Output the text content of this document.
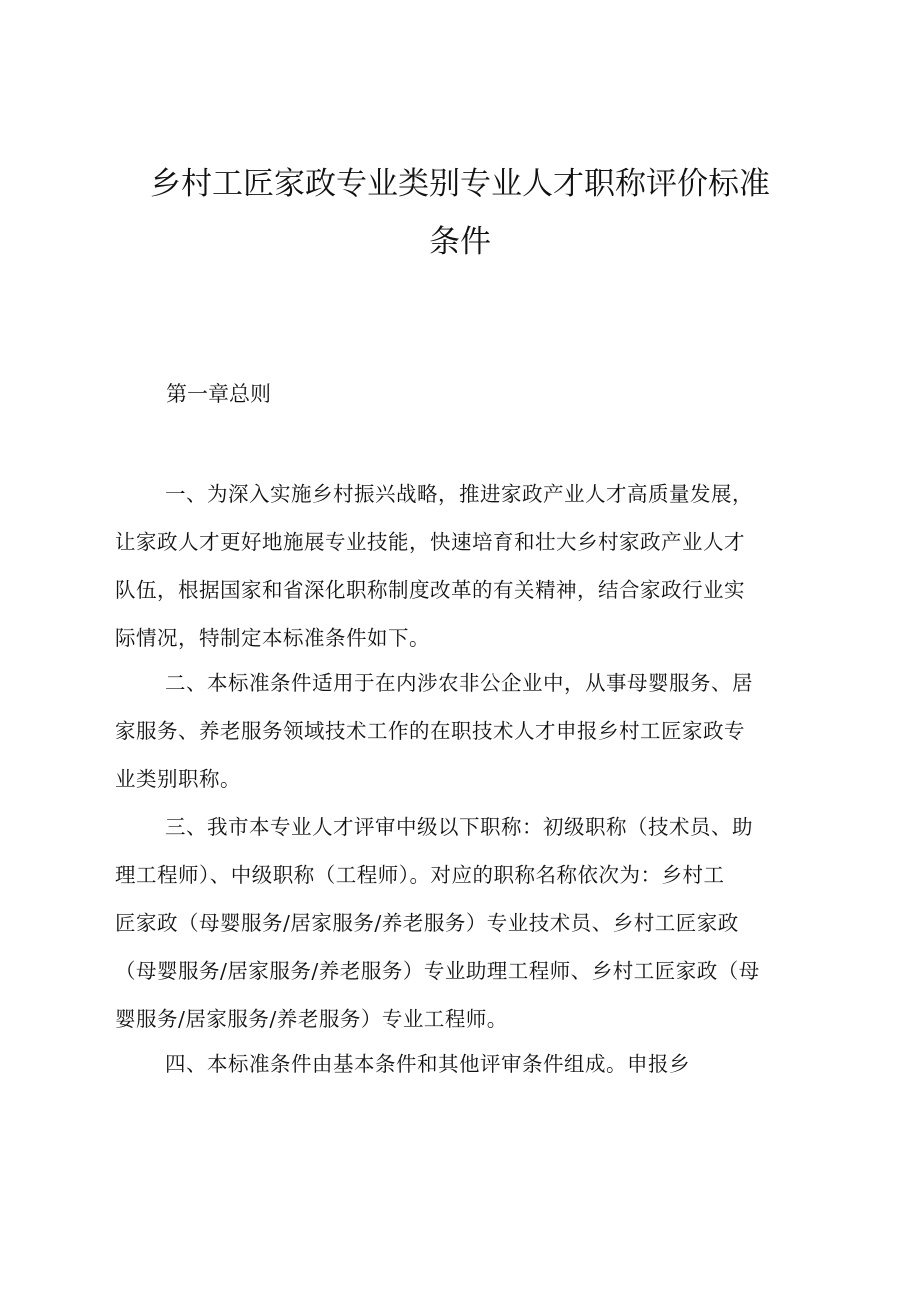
乡村工匠家政专业类别专业人才职称评价标准
条件
第一章总则
一、为深入实施乡村振兴战略，推进家政产业人才高质量发展，
让家政人才更好地施展专业技能，快速培育和壮大乡村家政产业人才
队伍，根据国家和省深化职称制度改革的有关精神，结合家政行业实
际情况，特制定本标准条件如下。
二、本标准条件适用于在内涉农非公企业中，从事母婴服务、居
家服务、养老服务领域技术工作的在职技术人才申报乡村工匠家政专
业类别职称。
三、我市本专业人才评审中级以下职称：初级职称（技术员、助
理工程师）、中级职称（工程师）。对应的职称名称依次为：乡村工
匠家政（母婴服务/居家服务/养老服务）专业技术员、乡村工匠家政
（母婴服务/居家服务/养老服务）专业助理工程师、乡村工匠家政（母
婴服务/居家服务/养老服务）专业工程师。
四、本标准条件由基本条件和其他评审条件组成。申报乡
